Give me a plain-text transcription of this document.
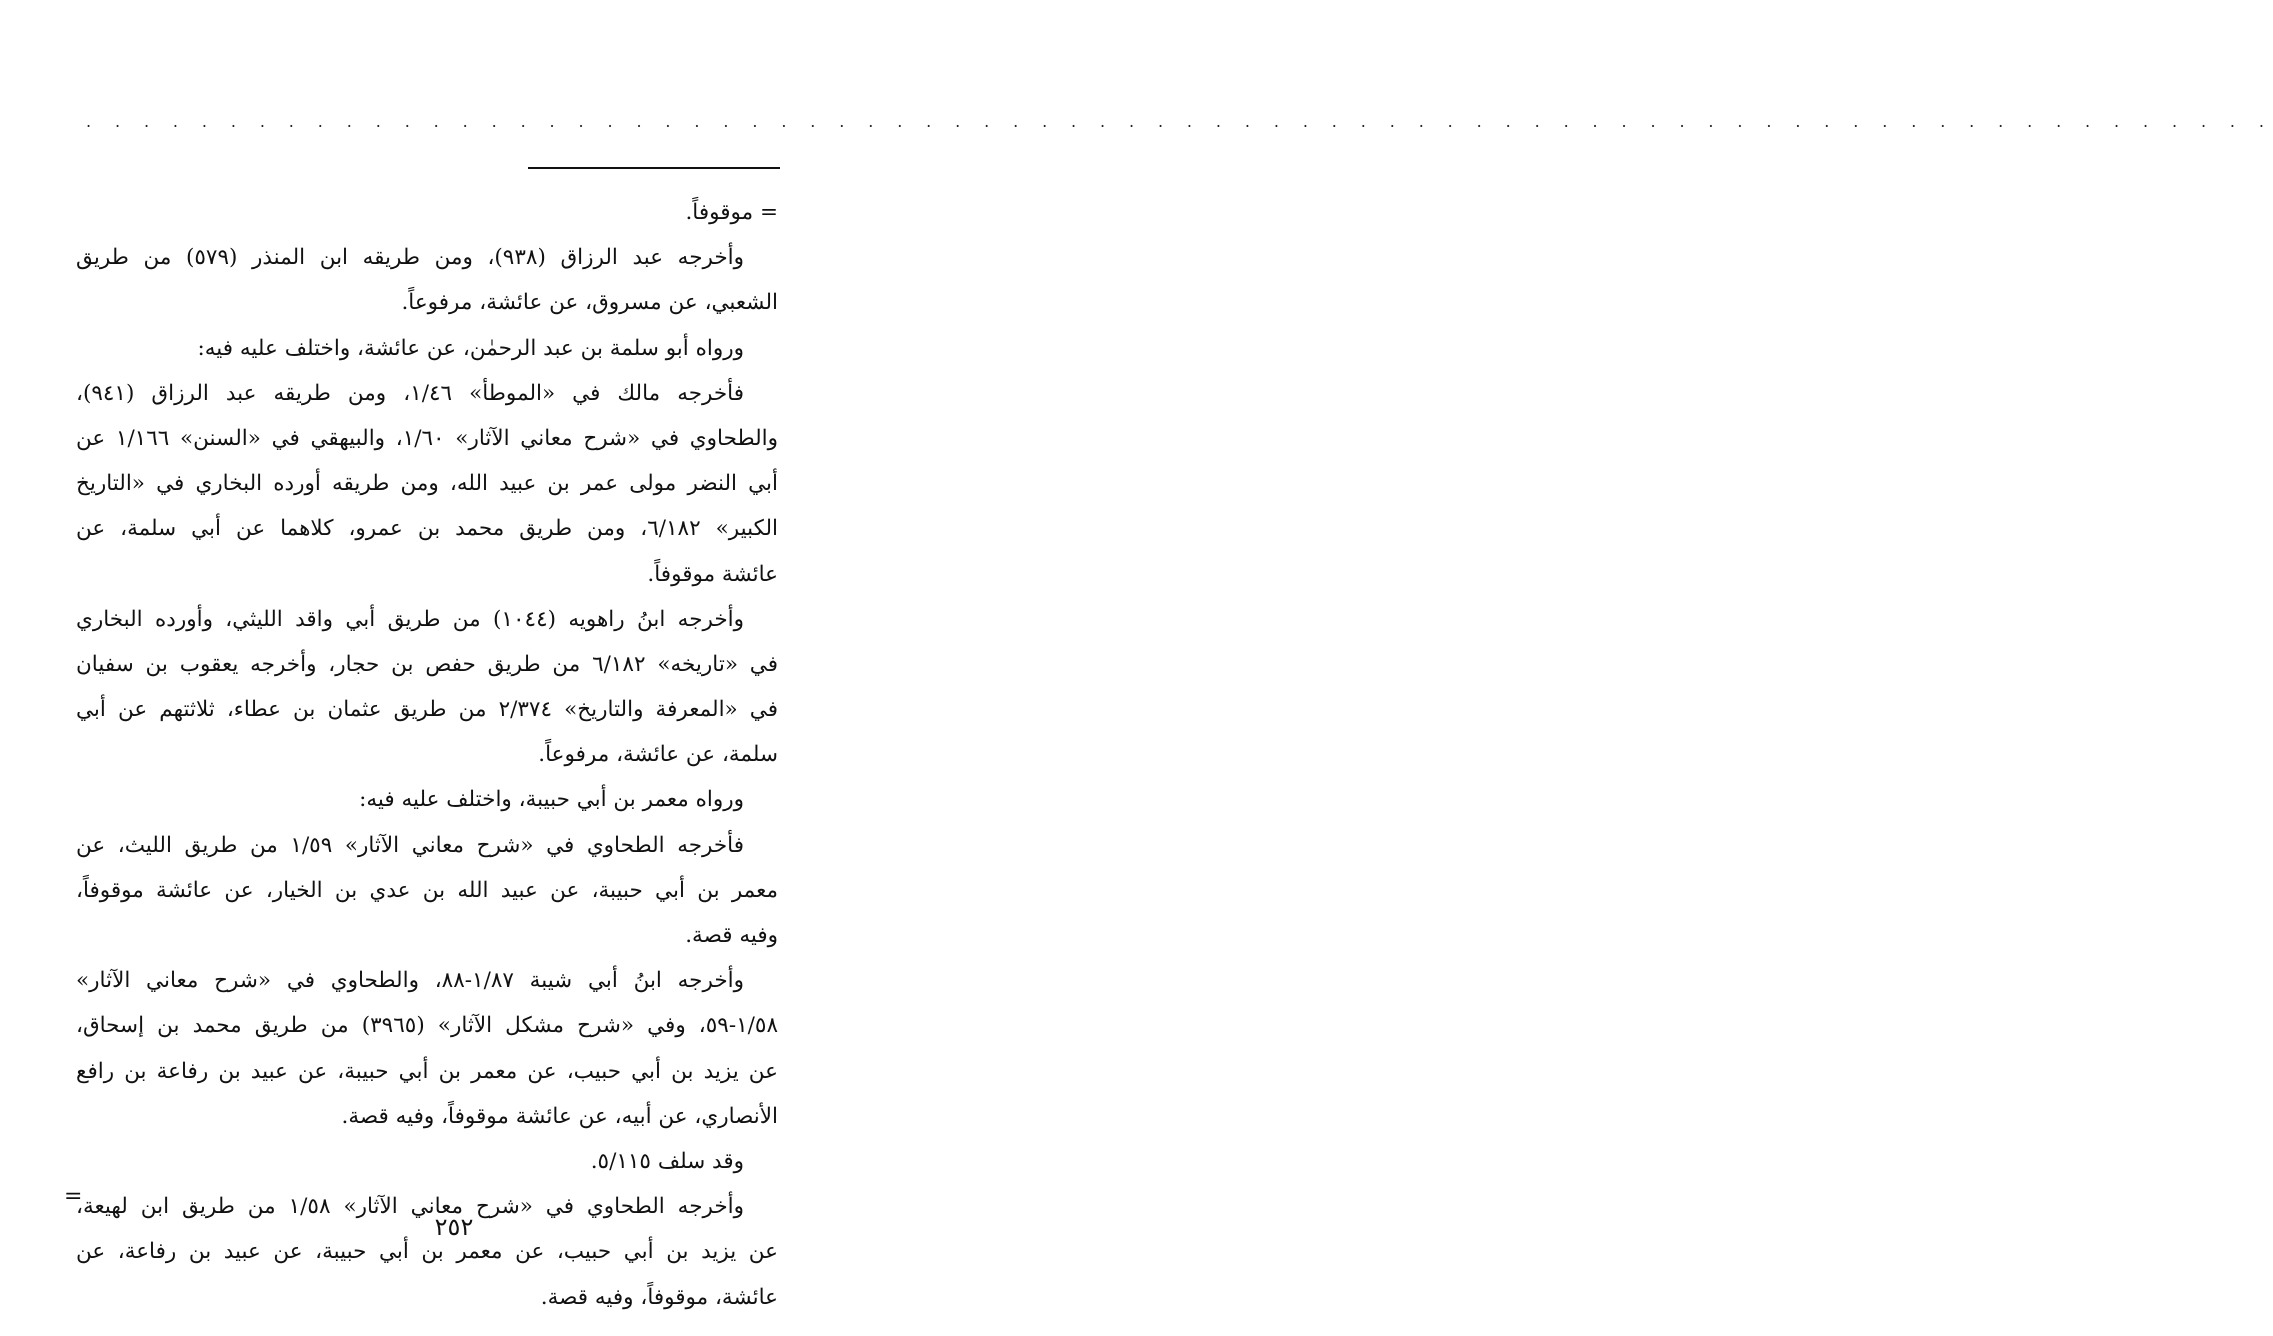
. . . . . . . . . . . . . . . . . . . . . . . . . . . . . . . . . . . . . . . . . . . . . . . . . . . . . . . . . . . . . . . . . . . . . . . . . . . .
= موقوفاً.
وأخرجه عبد الرزاق (٩٣٨)، ومن طريقه ابن المنذر (٥٧٩) من طريق
الشعبي، عن مسروق، عن عائشة، مرفوعاً.
ورواه أبو سلمة بن عبد الرحمٰن، عن عائشة، واختلف عليه فيه:
فأخرجه مالك في «الموطأ» ١/٤٦، ومن طريقه عبد الرزاق (٩٤١)،
والطحاوي في «شرح معاني الآثار» ١/٦٠، والبيهقي في «السنن» ١/١٦٦ عن
أبي النضر مولى عمر بن عبيد الله، ومن طريقه أورده البخاري في «التاريخ
الكبير» ٦/١٨٢، ومن طريق محمد بن عمرو، كلاهما عن أبي سلمة، عن
عائشة موقوفاً.
وأخرجه ابنُ راهويه (١٠٤٤) من طريق أبي واقد الليثي، وأورده البخاري
في «تاريخه» ٦/١٨٢ من طريق حفص بن حجار، وأخرجه يعقوب بن سفيان
في «المعرفة والتاريخ» ٢/٣٧٤ من طريق عثمان بن عطاء، ثلاثتهم عن أبي
سلمة، عن عائشة، مرفوعاً.
ورواه معمر بن أبي حبيبة، واختلف عليه فيه:
فأخرجه الطحاوي في «شرح معاني الآثار» ١/٥٩ من طريق الليث، عن
معمر بن أبي حبيبة، عن عبيد الله بن عدي بن الخيار، عن عائشة موقوفاً،
وفيه قصة.
وأخرجه ابنُ أبي شيبة ١/٨٧-٨٨، والطحاوي في «شرح معاني الآثار»
١/٥٨-٥٩، وفي «شرح مشكل الآثار» (٣٩٦٥) من طريق محمد بن إسحاق،
عن يزيد بن أبي حبيب، عن معمر بن أبي حبيبة، عن عبيد بن رفاعة بن رافع
الأنصاري، عن أبيه، عن عائشة موقوفاً، وفيه قصة.
وقد سلف ٥/١١٥.
وأخرجه الطحاوي في «شرح معاني الآثار» ١/٥٨ من طريق ابن لهيعة،
عن يزيد بن أبي حبيب، عن معمر بن أبي حبيبة، عن عبيد بن رفاعة، عن
عائشة، موقوفاً، وفيه قصة.
=
٢٥٢
